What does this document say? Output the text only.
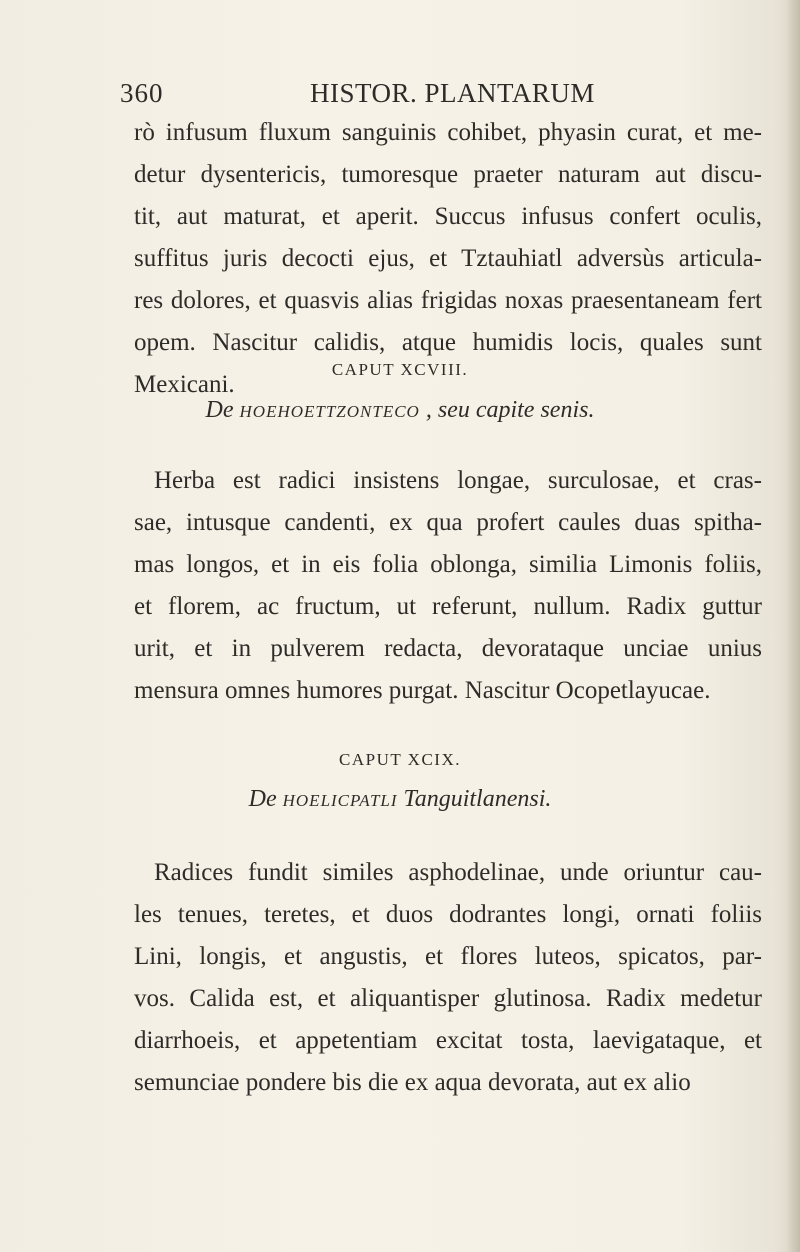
360	HISTOR. PLANTARUM
rò infusum fluxum sanguinis cohibet, phyasin curat, et me-
detur dysentericis, tumoresque praeter naturam aut discu-
tit, aut maturat, et aperit. Succus infusus confert oculis,
suffitus juris decocti ejus, et Tztauhiatl adversùs articula-
res dolores, et quasvis alias frigidas noxas praesentaneam fert
opem. Nascitur calidis, atque humidis locis, quales sunt
Mexicani.
CAPUT XCVIII.
De HOEHOETTZONTECO , seu capite senis.
Herba est radici insistens longae, surculosae, et cras-
sae, intusque candenti, ex qua profert caules duas spitha-
mas longos, et in eis folia oblonga, similia Limonis foliis,
et florem, ac fructum, ut referunt, nullum. Radix guttur
urit, et in pulverem redacta, devorataque unciae unius
mensura omnes humores purgat. Nascitur Ocopetlayucae.
CAPUT XCIX.
De HOELICPATLI Tanguitlanensi.
Radices fundit similes asphodelinae, unde oriuntur cau-
les tenues, teretes, et duos dodrantes longi, ornati foliis
Lini, longis, et angustis, et flores luteos, spicatos, par-
vos. Calida est, et aliquantisper glutinosa. Radix medetur
diarrhoeis, et appetentiam excitat tosta, laevigataque, et
semunciae pondere bis die ex aqua devorata, aut ex alio
